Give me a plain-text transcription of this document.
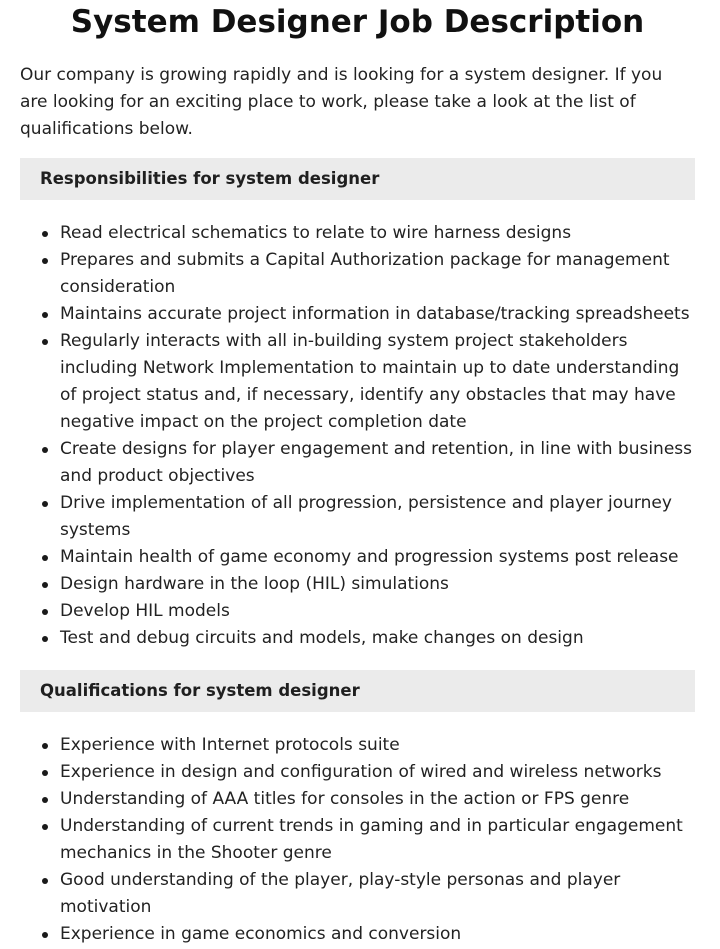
System Designer Job Description

Our company is growing rapidly and is looking for a system designer. If you are looking for an exciting place to work, please take a look at the list of qualifications below.

Responsibilities for system designer
Read electrical schematics to relate to wire harness designs
Prepares and submits a Capital Authorization package for management consideration
Maintains accurate project information in database/tracking spreadsheets
Regularly interacts with all in-building system project stakeholders including Network Implementation to maintain up to date understanding of project status and, if necessary, identify any obstacles that may have negative impact on the project completion date
Create designs for player engagement and retention, in line with business and product objectives
Drive implementation of all progression, persistence and player journey systems
Maintain health of game economy and progression systems post release
Design hardware in the loop (HIL) simulations
Develop HIL models
Test and debug circuits and models, make changes on design
Qualifications for system designer
Experience with Internet protocols suite
Experience in design and configuration of wired and wireless networks
Understanding of AAA titles for consoles in the action or FPS genre
Understanding of current trends in gaming and in particular engagement mechanics in the Shooter genre
Good understanding of the player, play-style personas and player motivation
Experience in game economics and conversion
